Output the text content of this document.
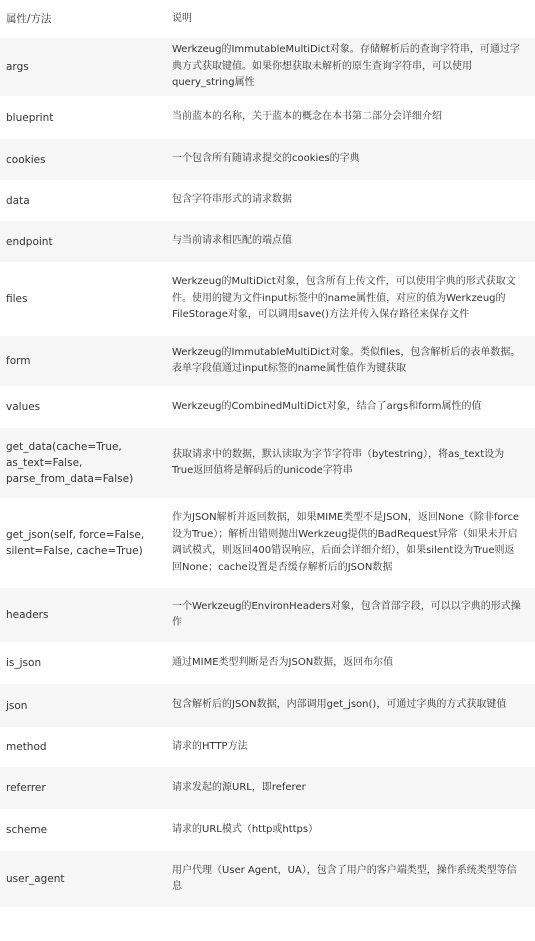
属性/方法	说明
args	Werkzeug的ImmutableMultiDict对象。存储解析后的查询字符串，可通过字典方式获取键值。如果你想获取未解析的原生查询字符串，可以使用query_string属性
blueprint	当前蓝本的名称，关于蓝本的概念在本书第二部分会详细介绍
cookies	一个包含所有随请求提交的cookies的字典
data	包含字符串形式的请求数据
endpoint	与当前请求相匹配的端点值
files	Werkzeug的MultiDict对象，包含所有上传文件，可以使用字典的形式获取文件。使用的键为文件input标签中的name属性值，对应的值为Werkzeug的FileStorage对象，可以调用save()方法并传入保存路径来保存文件
form	Werkzeug的ImmutableMultiDict对象。类似files，包含解析后的表单数据。表单字段值通过input标签的name属性值作为键获取
values	Werkzeug的CombinedMultiDict对象，结合了args和form属性的值
get_data(cache=True, as_text=False, parse_from_data=False)	获取请求中的数据，默认读取为字节字符串（bytestring），将as_text设为True返回值将是解码后的unicode字符串
get_json(self, force=False, silent=False, cache=True)	作为JSON解析并返回数据，如果MIME类型不是JSON，返回None（除非force设为True）；解析出错则抛出Werkzeug提供的BadRequest异常（如果未开启调试模式，则返回400错误响应，后面会详细介绍），如果silent设为True则返回None；cache设置是否缓存解析后的JSON数据
headers	一个Werkzeug的EnvironHeaders对象，包含首部字段，可以以字典的形式操作
is_json	通过MIME类型判断是否为JSON数据，返回布尔值
json	包含解析后的JSON数据，内部调用get_json()，可通过字典的方式获取键值
method	请求的HTTP方法
referrer	请求发起的源URL，即referer
scheme	请求的URL模式（http或https）
user_agent	用户代理（User Agent，UA），包含了用户的客户端类型，操作系统类型等信息
